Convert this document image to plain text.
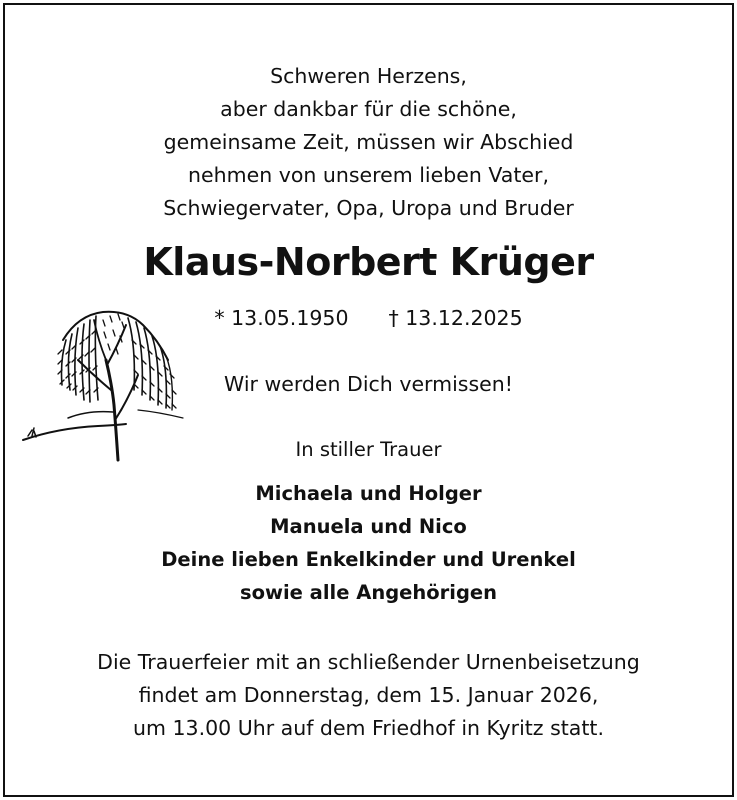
Schweren Herzens,
aber dankbar für die schöne,
gemeinsame Zeit, müssen wir Abschied
nehmen von unserem lieben Vater,
Schwiegervater, Opa, Uropa und Bruder
Klaus-Norbert Krüger
* 13.05.1950 † 13.12.2025
Wir werden Dich vermissen!
In stiller Trauer
Michaela und Holger
Manuela und Nico
Deine lieben Enkelkinder und Urenkel
sowie alle Angehörigen
Die Trauerfeier mit an schließender Urnenbeisetzung
findet am Donnerstag, dem 15. Januar 2026,
um 13.00 Uhr auf dem Friedhof in Kyritz statt.
